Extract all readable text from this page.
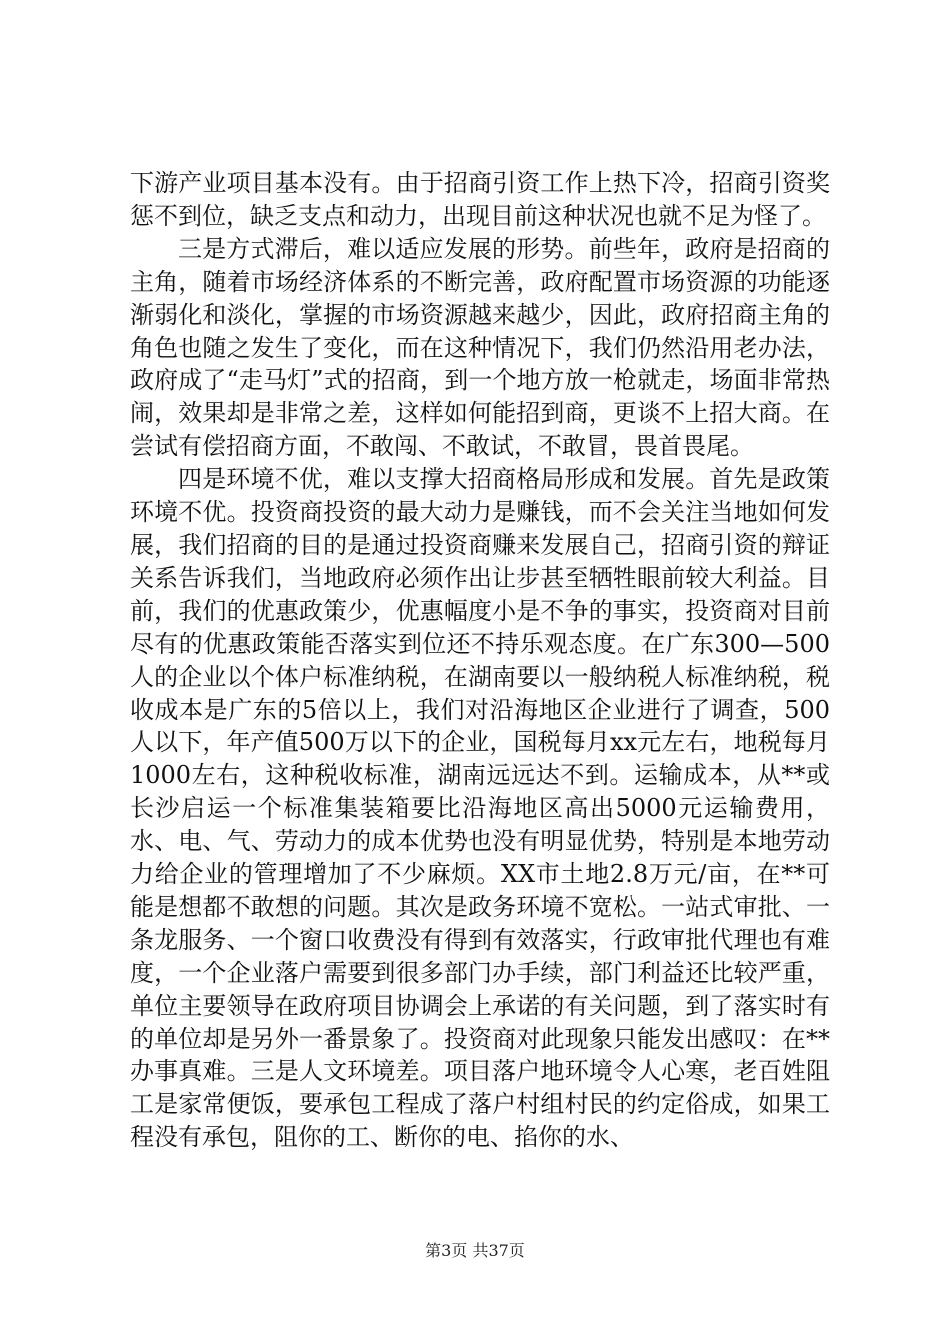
下游产业项目基本没有。由于招商引资工作上热下冷，招商引资奖惩不到位，缺乏支点和动力，出现目前这种状况也就不足为怪了。

三是方式滞后，难以适应发展的形势。前些年，政府是招商的主角，随着市场经济体系的不断完善，政府配置市场资源的功能逐渐弱化和淡化，掌握的市场资源越来越少，因此，政府招商主角的角色也随之发生了变化，而在这种情况下，我们仍然沿用老办法，政府成了“走马灯”式的招商，到一个地方放一枪就走，场面非常热闹，效果却是非常之差，这样如何能招到商，更谈不上招大商。在尝试有偿招商方面，不敢闯、不敢试，不敢冒，畏首畏尾。

四是环境不优，难以支撑大招商格局形成和发展。首先是政策环境不优。投资商投资的最大动力是赚钱，而不会关注当地如何发展，我们招商的目的是通过投资商赚来发展自己，招商引资的辩证关系告诉我们，当地政府必须作出让步甚至牺牲眼前较大利益。目前，我们的优惠政策少，优惠幅度小是不争的事实，投资商对目前尽有的优惠政策能否落实到位还不持乐观态度。在广东300—500人的企业以个体户标准纳税，在湖南要以一般纳税人标准纳税，税收成本是广东的5倍以上，我们对沿海地区企业进行了调查，500人以下，年产值500万以下的企业，国税每月xx元左右，地税每月1000左右，这种税收标准，湖南远远达不到。运输成本，从**或长沙启运一个标准集装箱要比沿海地区高出5000元运输费用，水、电、气、劳动力的成本优势也没有明显优势，特别是本地劳动力给企业的管理增加了不少麻烦。XX市土地2.8万元/亩，在**可能是想都不敢想的问题。其次是政务环境不宽松。一站式审批、一条龙服务、一个窗口收费没有得到有效落实，行政审批代理也有难度，一个企业落户需要到很多部门办手续，部门利益还比较严重，单位主要领导在政府项目协调会上承诺的有关问题，到了落实时有的单位却是另外一番景象了。投资商对此现象只能发出感叹：在**办事真难。三是人文环境差。项目落户地环境令人心寒，老百姓阻工是家常便饭，要承包工程成了落户村组村民的约定俗成，如果工程没有承包，阻你的工、断你的电、掐你的水、

第3页 共37页
